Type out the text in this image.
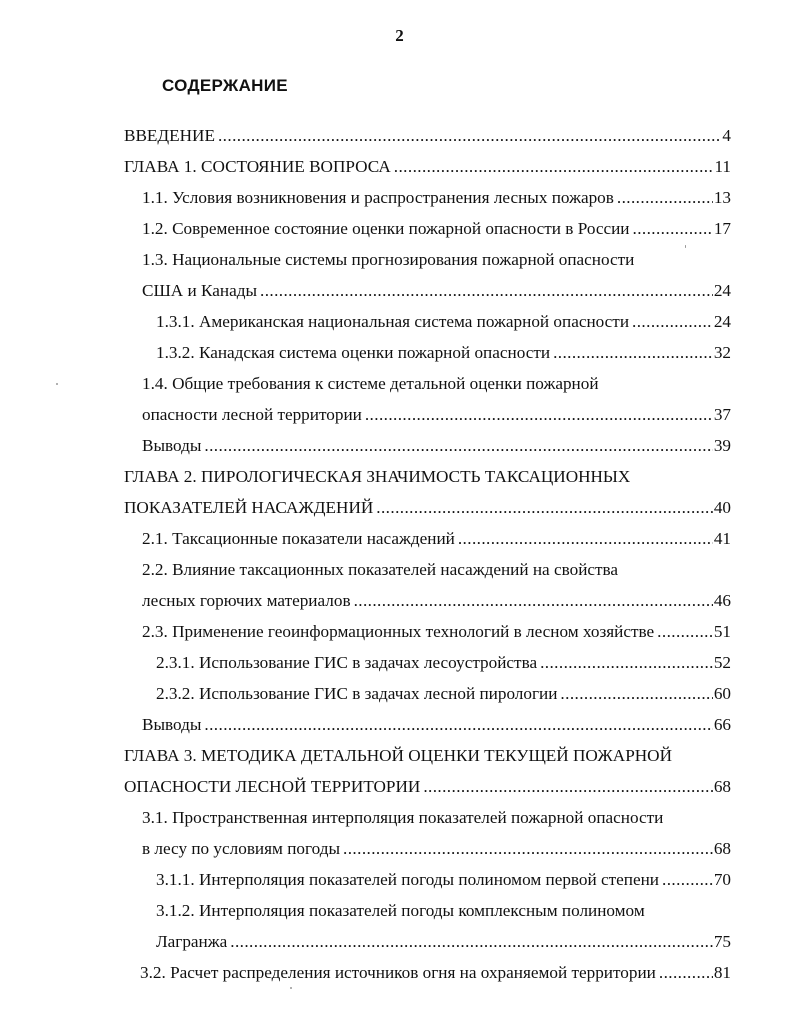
2
СОДЕРЖАНИЕ
ВВЕДЕНИЕ .....	4
ГЛАВА 1. СОСТОЯНИЕ ВОПРОСА .....	11
1.1. Условия возникновения и распространения лесных пожаров .....	13
1.2. Современное состояние оценки пожарной опасности в России .....	17
1.3. Национальные системы прогнозирования пожарной опасности
США и Канады .....	24
1.3.1. Американская национальная система пожарной опасности .....	24
1.3.2. Канадская система оценки пожарной опасности .....	32
1.4. Общие требования к системе детальной оценки пожарной
опасности лесной территории .....	37
Выводы .....	39
ГЛАВА 2. ПИРОЛОГИЧЕСКАЯ ЗНАЧИМОСТЬ ТАКСАЦИОННЫХ
ПОКАЗАТЕЛЕЙ НАСАЖДЕНИЙ .....	40
2.1. Таксационные показатели насаждений .....	41
2.2. Влияние таксационных показателей насаждений на свойства
лесных горючих материалов .....	46
2.3. Применение геоинформационных технологий в лесном хозяйстве .....	51
2.3.1. Использование ГИС в задачах лесоустройства .....	52
2.3.2. Использование ГИС в задачах лесной пирологии .....	60
Выводы .....	66
ГЛАВА 3. МЕТОДИКА ДЕТАЛЬНОЙ ОЦЕНКИ ТЕКУЩЕЙ ПОЖАРНОЙ
ОПАСНОСТИ ЛЕСНОЙ ТЕРРИТОРИИ .....	68
3.1. Пространственная интерполяция показателей пожарной опасности
в лесу по условиям погоды .....	68
3.1.1. Интерполяция показателей погоды полиномом первой степени .....	70
3.1.2. Интерполяция показателей погоды комплексным полиномом
Лагранжа .....	75
3.2. Расчет распределения источников огня на охраняемой территории .....	81
